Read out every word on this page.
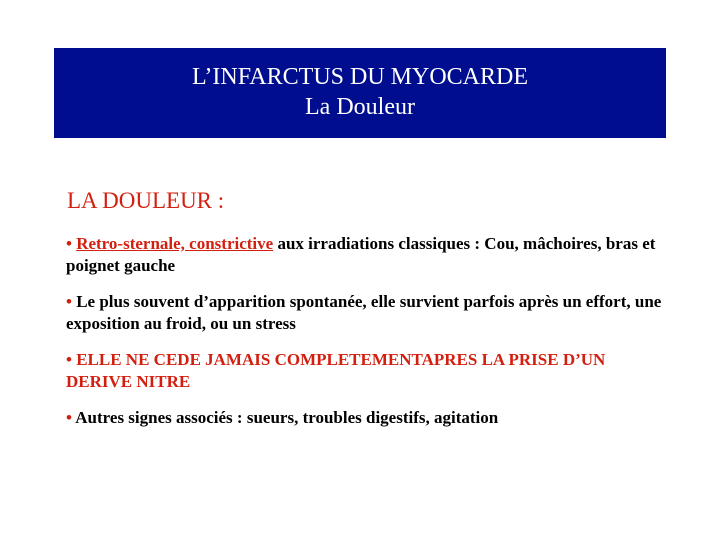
L’INFARCTUS DU MYOCARDE
La Douleur
LA DOULEUR :

• Retro-sternale, constrictive aux irradiations classiques : Cou, mâchoires, bras et poignet gauche

• Le plus souvent d’apparition spontanée, elle survient parfois après un effort, une exposition au froid, ou un stress

• ELLE NE CEDE JAMAIS COMPLETEMENTAPRES LA PRISE D’UN DERIVE NITRE

• Autres signes associés : sueurs, troubles digestifs, agitation
